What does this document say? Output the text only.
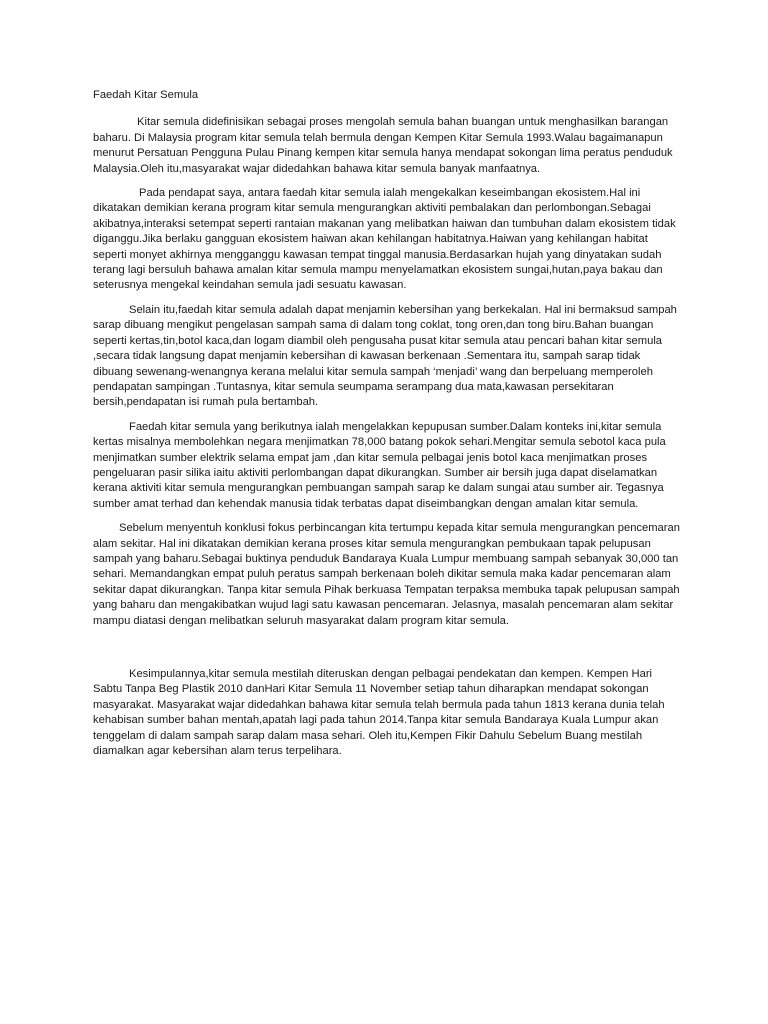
Faedah Kitar Semula

Kitar semula didefinisikan sebagai proses mengolah semula bahan buangan untuk menghasilkan barangan baharu. Di Malaysia program kitar semula telah bermula dengan Kempen Kitar Semula 1993.Walau bagaimanapun menurut Persatuan Pengguna Pulau Pinang kempen kitar semula hanya mendapat sokongan lima peratus penduduk Malaysia.Oleh itu,masyarakat wajar didedahkan bahawa kitar semula banyak manfaatnya.

Pada pendapat saya, antara faedah kitar semula ialah mengekalkan keseimbangan ekosistem.Hal ini dikatakan demikian kerana program kitar semula mengurangkan aktiviti pembalakan dan perlombongan.Sebagai akibatnya,interaksi setempat seperti rantaian makanan yang melibatkan haiwan dan tumbuhan dalam ekosistem tidak diganggu.Jika berlaku gangguan ekosistem haiwan akan kehilangan habitatnya.Haiwan yang kehilangan habitat seperti monyet akhirnya mengganggu kawasan tempat tinggal manusia.Berdasarkan hujah yang dinyatakan sudah terang lagi bersuluh bahawa amalan kitar semula mampu menyelamatkan ekosistem sungai,hutan,paya bakau dan seterusnya mengekal keindahan semula jadi sesuatu kawasan.

Selain itu,faedah kitar semula adalah dapat menjamin kebersihan yang berkekalan. Hal ini bermaksud sampah sarap dibuang mengikut pengelasan sampah sama di dalam tong coklat, tong oren,dan tong biru.Bahan buangan seperti kertas,tin,botol kaca,dan logam diambil oleh pengusaha pusat kitar semula atau pencari bahan kitar semula ,secara tidak langsung dapat menjamin kebersihan di kawasan berkenaan .Sementara itu, sampah sarap tidak dibuang sewenang-wenangnya kerana melalui kitar semula sampah ‘menjadi’ wang dan berpeluang memperoleh pendapatan sampingan .Tuntasnya, kitar semula seumpama serampang dua mata,kawasan persekitaran bersih,pendapatan isi rumah pula bertambah.

Faedah kitar semula yang berikutnya ialah mengelakkan kepupusan sumber.Dalam konteks ini,kitar semula kertas misalnya membolehkan negara menjimatkan 78,000 batang pokok sehari.Mengitar semula sebotol kaca pula menjimatkan sumber elektrik selama empat jam ,dan kitar semula pelbagai jenis botol kaca menjimatkan proses pengeluaran pasir silika iaitu aktiviti perlombangan dapat dikurangkan. Sumber air bersih juga dapat diselamatkan kerana aktiviti kitar semula mengurangkan pembuangan sampah sarap ke dalam sungai atau sumber air. Tegasnya sumber amat terhad dan kehendak manusia tidak terbatas dapat diseimbangkan dengan amalan kitar semula.

Sebelum menyentuh konklusi fokus perbincangan kita tertumpu kepada kitar semula mengurangkan pencemaran alam sekitar. Hal ini dikatakan demikian kerana proses kitar semula mengurangkan pembukaan tapak pelupusan sampah yang baharu.Sebagai buktinya penduduk Bandaraya Kuala Lumpur membuang sampah sebanyak 30,000 tan sehari. Memandangkan empat puluh peratus sampah berkenaan boleh dikitar semula maka kadar pencemaran alam sekitar dapat dikurangkan. Tanpa kitar semula Pihak berkuasa Tempatan terpaksa membuka tapak pelupusan sampah yang baharu dan mengakibatkan wujud lagi satu kawasan pencemaran. Jelasnya, masalah pencemaran alam sekitar mampu diatasi dengan melibatkan seluruh masyarakat dalam program kitar semula.

Kesimpulannya,kitar semula mestilah diteruskan dengan pelbagai pendekatan dan kempen. Kempen Hari Sabtu Tanpa Beg Plastik 2010 danHari Kitar Semula 11 November setiap tahun diharapkan mendapat sokongan masyarakat. Masyarakat wajar didedahkan bahawa kitar semula telah bermula pada tahun 1813 kerana dunia telah kehabisan sumber bahan mentah,apatah lagi pada tahun 2014.Tanpa kitar semula Bandaraya Kuala Lumpur akan tenggelam di dalam sampah sarap dalam masa sehari. Oleh itu,Kempen Fikir Dahulu Sebelum Buang mestilah diamalkan agar kebersihan alam terus terpelihara.
